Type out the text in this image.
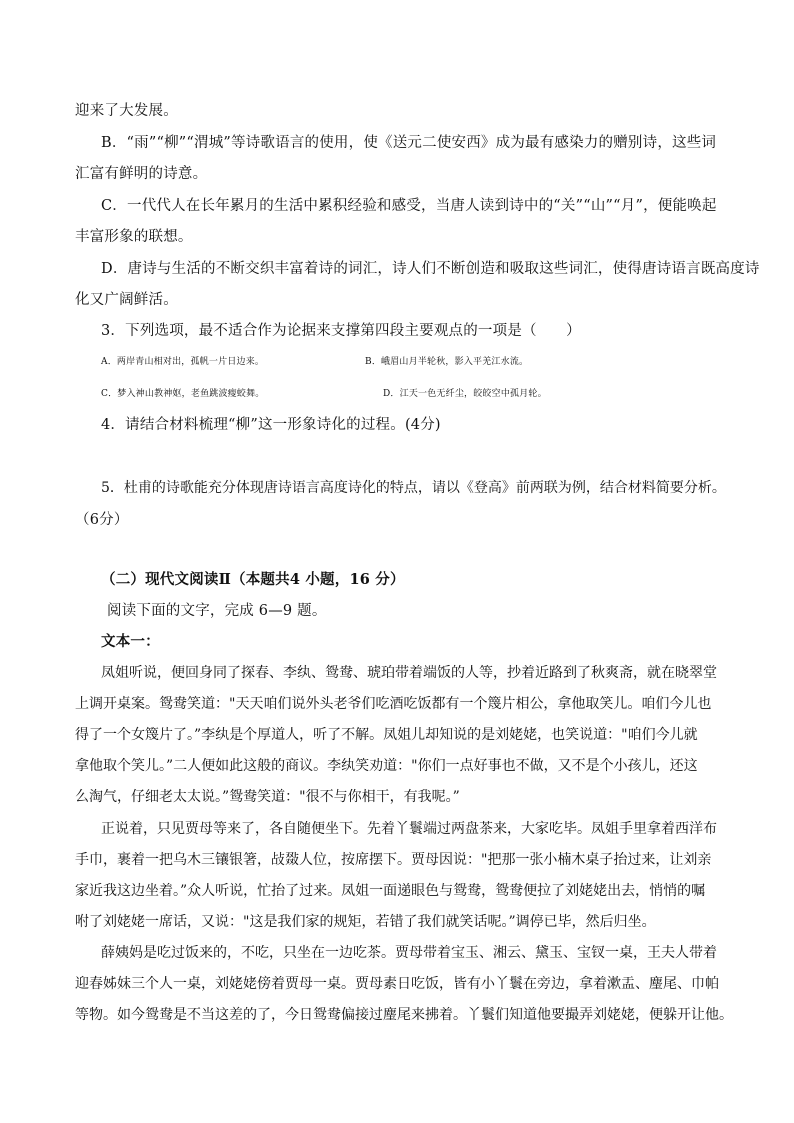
迎来了大发展。
B．“雨”“柳”“渭城”等诗歌语言的使用，使《送元二使安西》成为最有感染力的赠别诗，这些词
汇富有鲜明的诗意。
C．一代代人在长年累月的生活中累积经验和感受，当唐人读到诗中的“关”“山”“月”，便能唤起
丰富形象的联想。
D．唐诗与生活的不断交织丰富着诗的词汇，诗人们不断创造和吸取这些词汇，使得唐诗语言既高度诗
化又广阔鲜活。
3．下列选项，最不适合作为论据来支撑第四段主要观点的一项是（　　）
A．两岸青山相对出，孤帆一片日边来。	B．峨眉山月半轮秋，影入平羌江水流。
C．梦入神山教神妪，老鱼跳波瘦蛟舞。	D．江天一色无纤尘，皎皎空中孤月轮。
4．请结合材料梳理“柳”这一形象诗化的过程。(4分)
5．杜甫的诗歌能充分体现唐诗语言高度诗化的特点，请以《登高》前两联为例，结合材料简要分析。
（6分）
（二）现代文阅读Ⅱ（本题共4 小题，16 分）
阅读下面的文字，完成 6—9 题。
文本一：
凤姐听说，便回身同了探春、李纨、鸳鸯、琥珀带着端饭的人等，抄着近路到了秋爽斋，就在晓翠堂
上调开桌案。鸳鸯笑道："天天咱们说外头老爷们吃酒吃饭都有一个篾片相公，拿他取笑儿。咱们今儿也
得了一个女篾片了。”李纨是个厚道人，听了不解。凤姐儿却知说的是刘姥姥，也笑说道："咱们今儿就
拿他取个笑儿。”二人便如此这般的商议。李纨笑劝道："你们一点好事也不做，又不是个小孩儿，还这
么淘气，仔细老太太说。”鸳鸯笑道："很不与你相干，有我呢。”
正说着，只见贾母等来了，各自随便坐下。先着丫鬟端过两盘茶来，大家吃毕。凤姐手里拿着西洋布
手巾，裹着一把乌木三镶银箸，敁敠人位，按席摆下。贾母因说："把那一张小楠木桌子抬过来，让刘亲
家近我这边坐着。”众人听说，忙抬了过来。凤姐一面递眼色与鸳鸯，鸳鸯便拉了刘姥姥出去，悄悄的嘱
咐了刘姥姥一席话，又说："这是我们家的规矩，若错了我们就笑话呢。”调停已毕，然后归坐。
薛姨妈是吃过饭来的，不吃，只坐在一边吃茶。贾母带着宝玉、湘云、黛玉、宝钗一桌，王夫人带着
迎春姊妹三个人一桌，刘姥姥傍着贾母一桌。贾母素日吃饭，皆有小丫鬟在旁边，拿着漱盂、麈尾、巾帕
等物。如今鸳鸯是不当这差的了，今日鸳鸯偏接过麈尾来拂着。丫鬟们知道他要撮弄刘姥姥，便躲开让他。
